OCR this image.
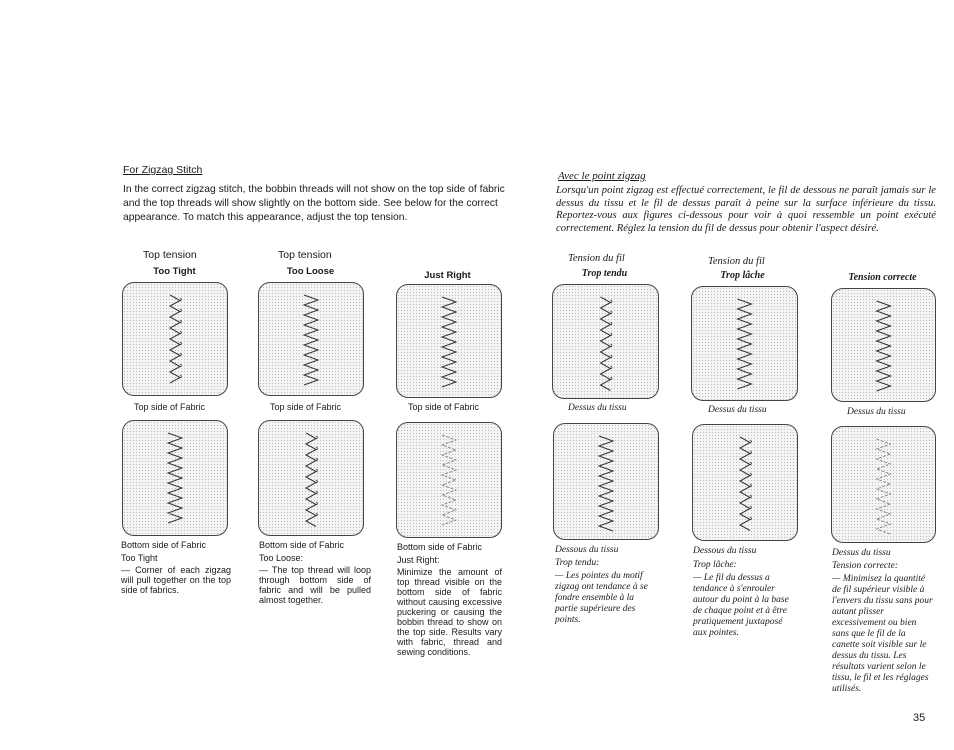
For Zigzag Stitch
In the correct zigzag stitch, the bobbin threads will not show on the top side of fabric and the top threads will show slightly on the bottom side. See below for the correct appearance. To match this appearance, adjust the top tension.
Top tension	Top tension
Too Tight	Too Loose	Just Right
Top side of Fabric	Top side of Fabric	Top side of Fabric
Bottom side of Fabric	Bottom side of Fabric	Bottom side of Fabric
Too Tight
— Corner of each zigzag will pull together on the top side of fabrics.
Too Loose:
— The top thread will loop through bottom side of fabric and will be pulled almost together.
Just Right:
Minimize the amount of top thread visible on the bottom side of fabric without causing excessive puckering or causing the bobbin thread to show on the top side. Results vary with fabric, thread and sewing conditions.
Avec le point zigzag
Lorsqu'un point zigzag est effectué correctement, le fil de dessous ne paraît jamais sur le dessus du tissu et le fil de dessus paraît à peine sur la surface inférieure du tissu. Reportez-vous aux figures ci-dessous pour voir à quoi ressemble un point exécuté correctement. Réglez la tension du fil de dessus pour obtenir l'aspect désiré.
Tension du fil	Tension du fil
Trop tendu	Trop lâche	Tension correcte
Dessus du tissu	Dessus du tissu	Dessus du tissu
Dessous du tissu	Dessous du tissu	Dessus du tissu
Trop tendu:
— Les pointes du motif zigzag ont tendance à se fondre ensemble à la partie supérieure des points.
Trop lâche:
— Le fil du dessus a tendance à s'enrouler autour du point à la base de chaque point et à être pratiquement juxtaposé aux pointes.
Tension correcte:
— Minimisez la quantité de fil supérieur visible à l'envers du tissu sans pour autant plisser excessivement ou bien sans que le fil de la canette soit visible sur le dessus du tissu. Les résultats varient selon le tissu, le fil et les réglages utilisés.
35
